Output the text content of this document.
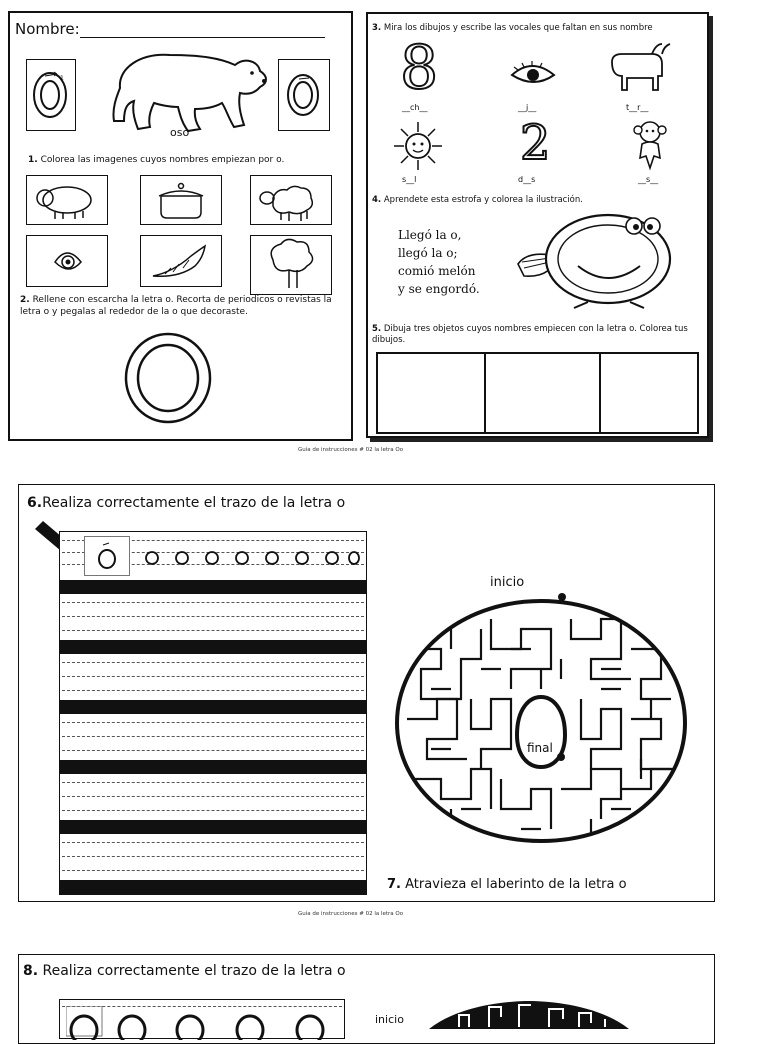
Nombre:
1
oso
1. Colorea las imagenes cuyos nombres empiezan por o.
2. Rellene con escarcha la letra o. Recorta de periodicos o revistas la letra o y pegalas al rededor de la o que decoraste.
3. Mira los dibujos y escribe las vocales que faltan en sus nombre
8
__ch__	__j__	t__r__
2
s__l	d__s	__s__
4. Aprendete esta estrofa y colorea la ilustración.
Llegó la o,
llegó la o;
comió melón
y se engordó.
5. Dibuja tres objetos cuyos nombres empiecen con la letra o. Colorea tus dibujos.
Guía de instrucciones # 02 la letra Oo
6.Realiza correctamente el trazo de la letra o
inicio
final
7. Atravieza el laberinto de la letra o
Guía de instrucciones # 02 la letra Oo
8. Realiza correctamente el trazo de la letra o
inicio
